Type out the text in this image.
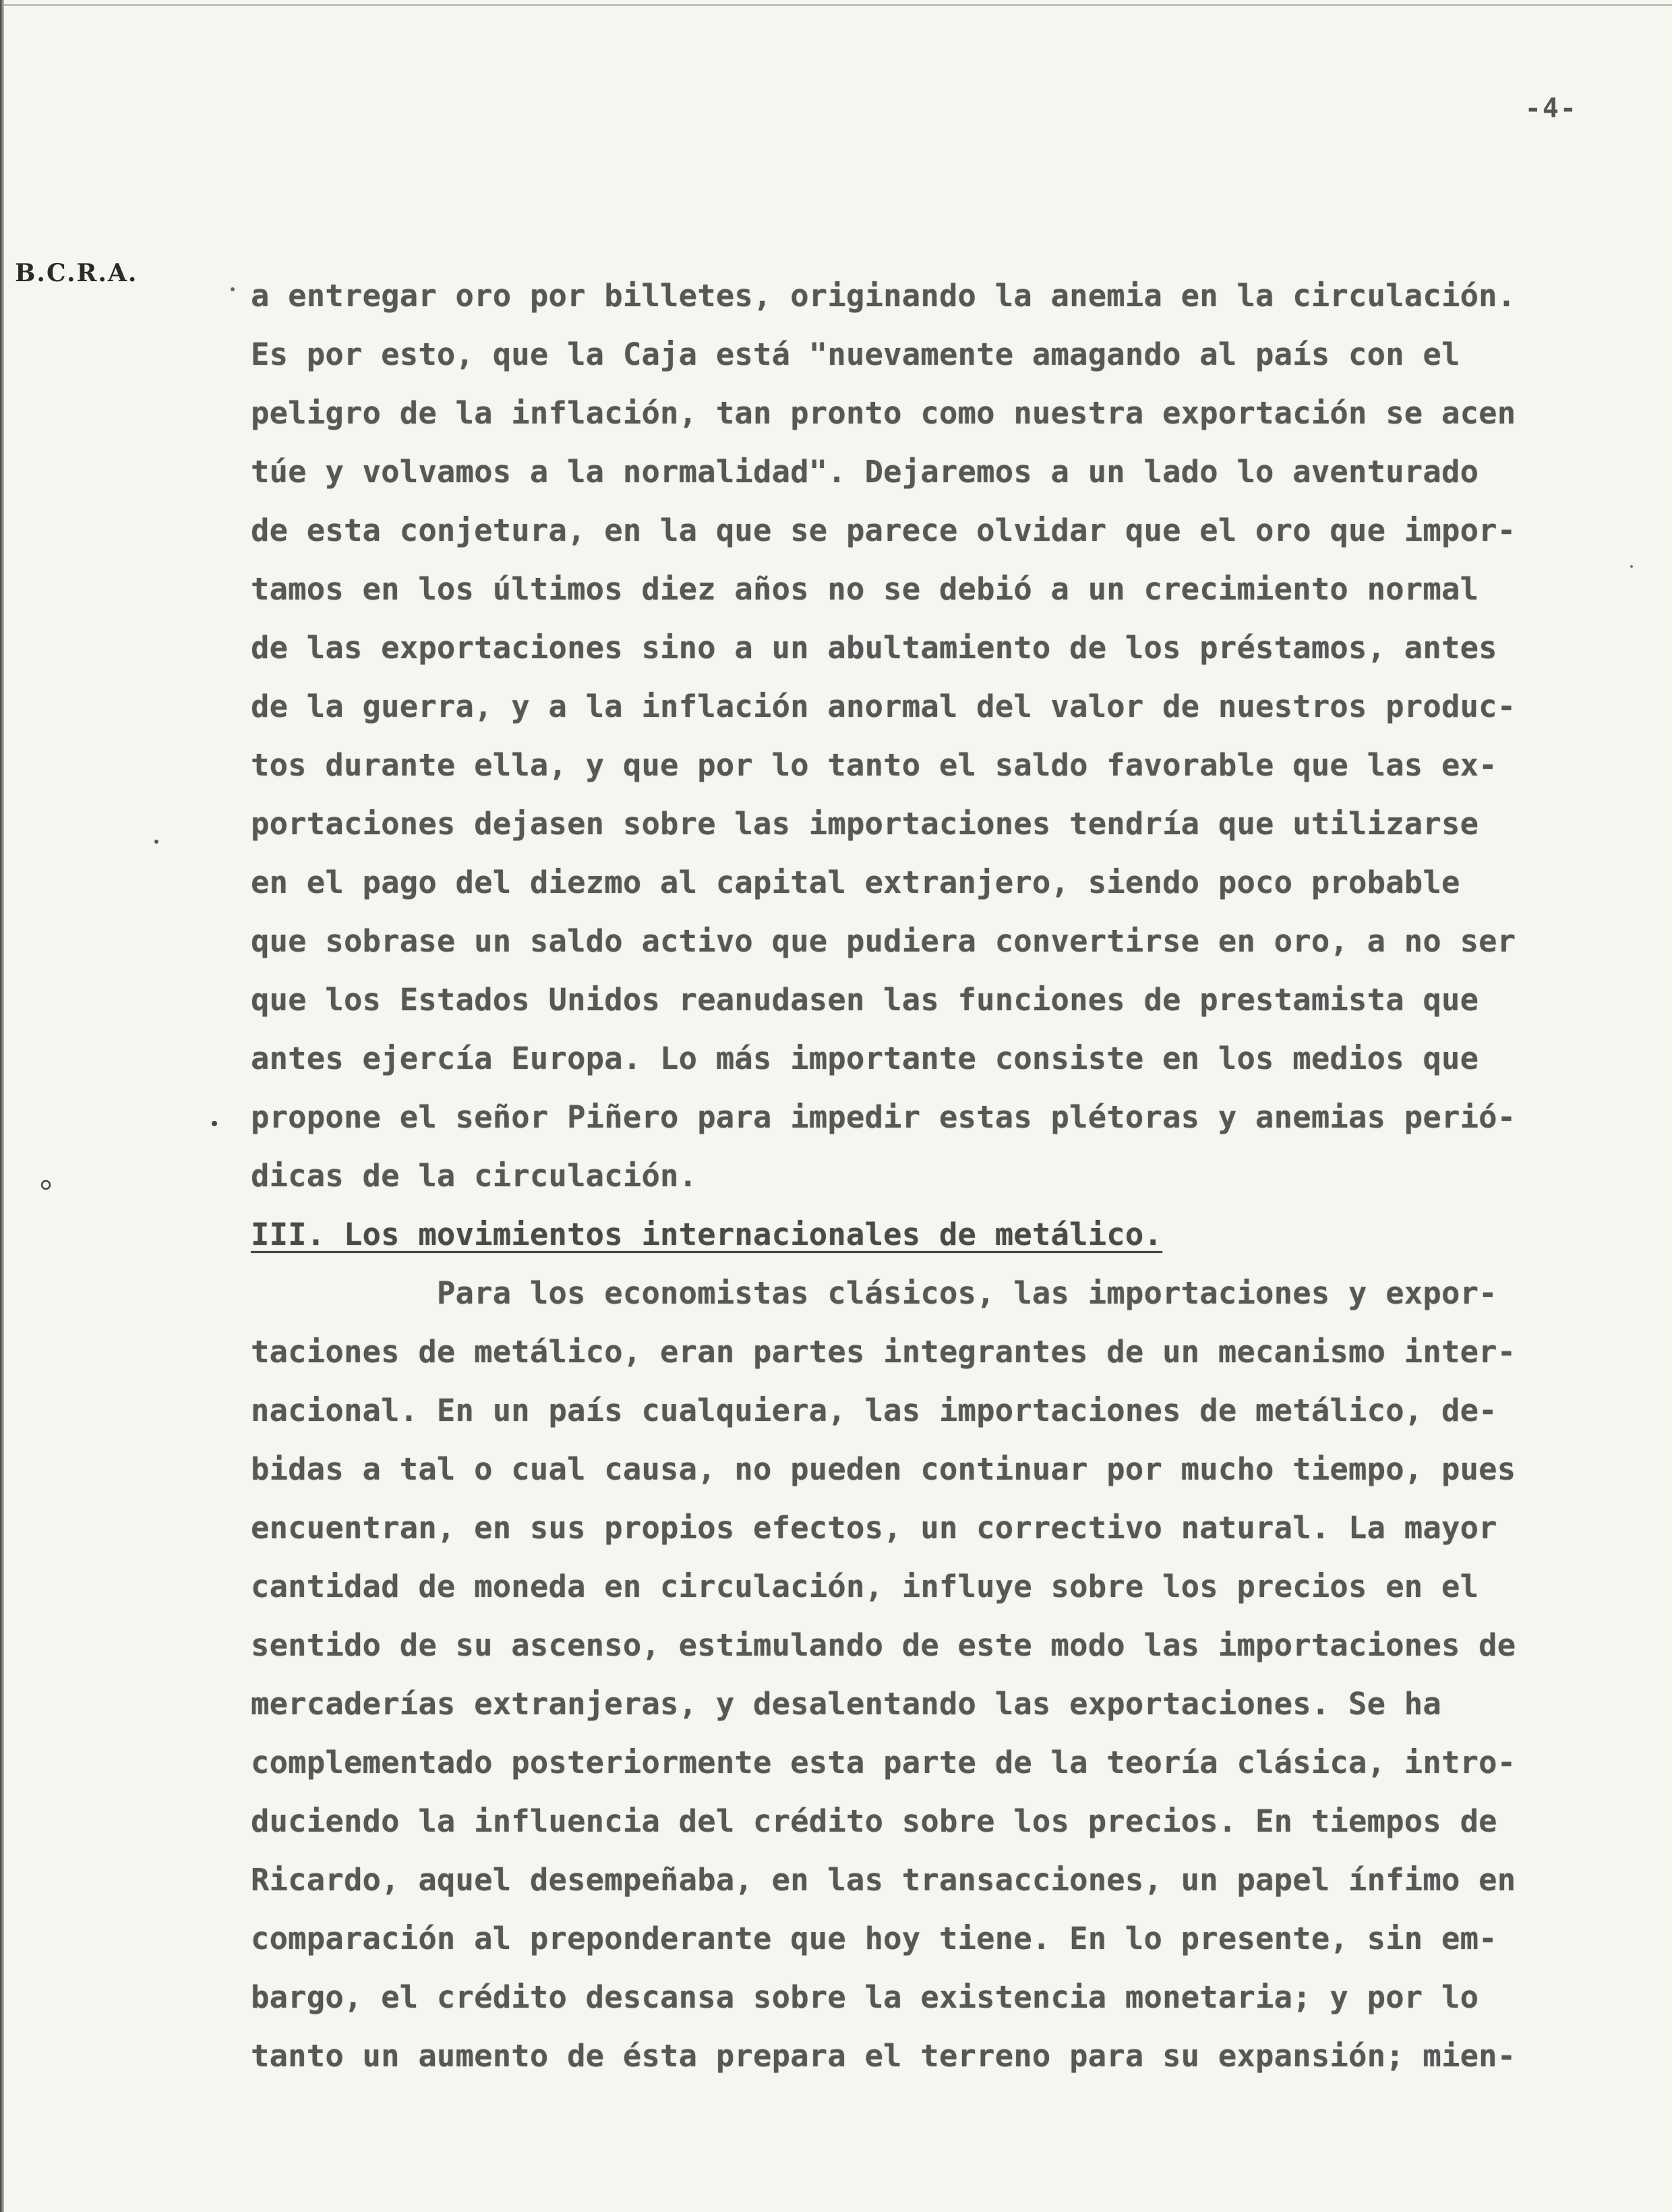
-4-
B.C.R.A.
a entregar oro por billetes, originando la anemia en la circulación.
Es por esto, que la Caja está "nuevamente amagando al país con el
peligro de la inflación, tan pronto como nuestra exportación se acen
túe y volvamos a la normalidad". Dejaremos a un lado lo aventurado
de esta conjetura, en la que se parece olvidar que el oro que impor-
tamos en los últimos diez años no se debió a un crecimiento normal
de las exportaciones sino a un abultamiento de los préstamos, antes
de la guerra, y a la inflación anormal del valor de nuestros produc-
tos durante ella, y que por lo tanto el saldo favorable que las ex-
portaciones dejasen sobre las importaciones tendría que utilizarse
en el pago del diezmo al capital extranjero, siendo poco probable
que sobrase un saldo activo que pudiera convertirse en oro, a no ser
que los Estados Unidos reanudasen las funciones de prestamista que
antes ejercía Europa. Lo más importante consiste en los medios que
propone el señor Piñero para impedir estas plétoras y anemias perió-
dicas de la circulación.
III. Los movimientos internacionales de metálico.
Para los economistas clásicos, las importaciones y expor-
taciones de metálico, eran partes integrantes de un mecanismo inter-
nacional. En un país cualquiera, las importaciones de metálico, de-
bidas a tal o cual causa, no pueden continuar por mucho tiempo, pues
encuentran, en sus propios efectos, un correctivo natural. La mayor
cantidad de moneda en circulación, influye sobre los precios en el
sentido de su ascenso, estimulando de este modo las importaciones de
mercaderías extranjeras, y desalentando las exportaciones. Se ha
complementado posteriormente esta parte de la teoría clásica, intro-
duciendo la influencia del crédito sobre los precios. En tiempos de
Ricardo, aquel desempeñaba, en las transacciones, un papel ínfimo en
comparación al preponderante que hoy tiene. En lo presente, sin em-
bargo, el crédito descansa sobre la existencia monetaria; y por lo
tanto un aumento de ésta prepara el terreno para su expansión; mien-
